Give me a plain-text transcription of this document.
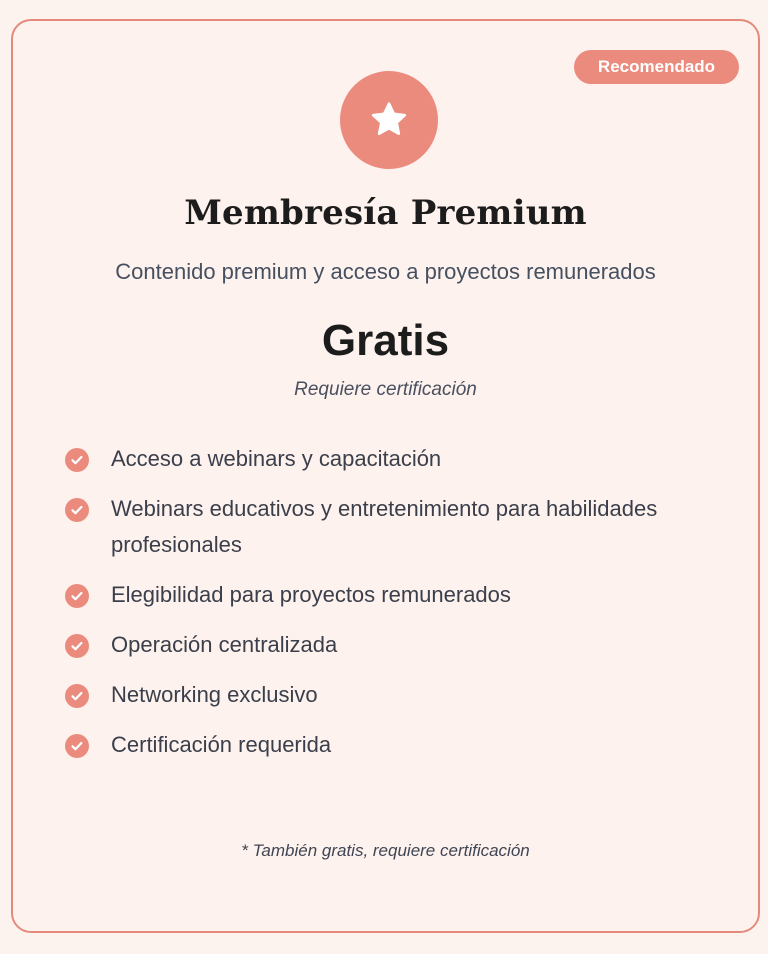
Recomendado
Membresía Premium
Contenido premium y acceso a proyectos remunerados
Gratis
Requiere certificación
Acceso a webinars y capacitación
Webinars educativos y entretenimiento para habilidades profesionales
Elegibilidad para proyectos remunerados
Operación centralizada
Networking exclusivo
Certificación requerida
* También gratis, requiere certificación
